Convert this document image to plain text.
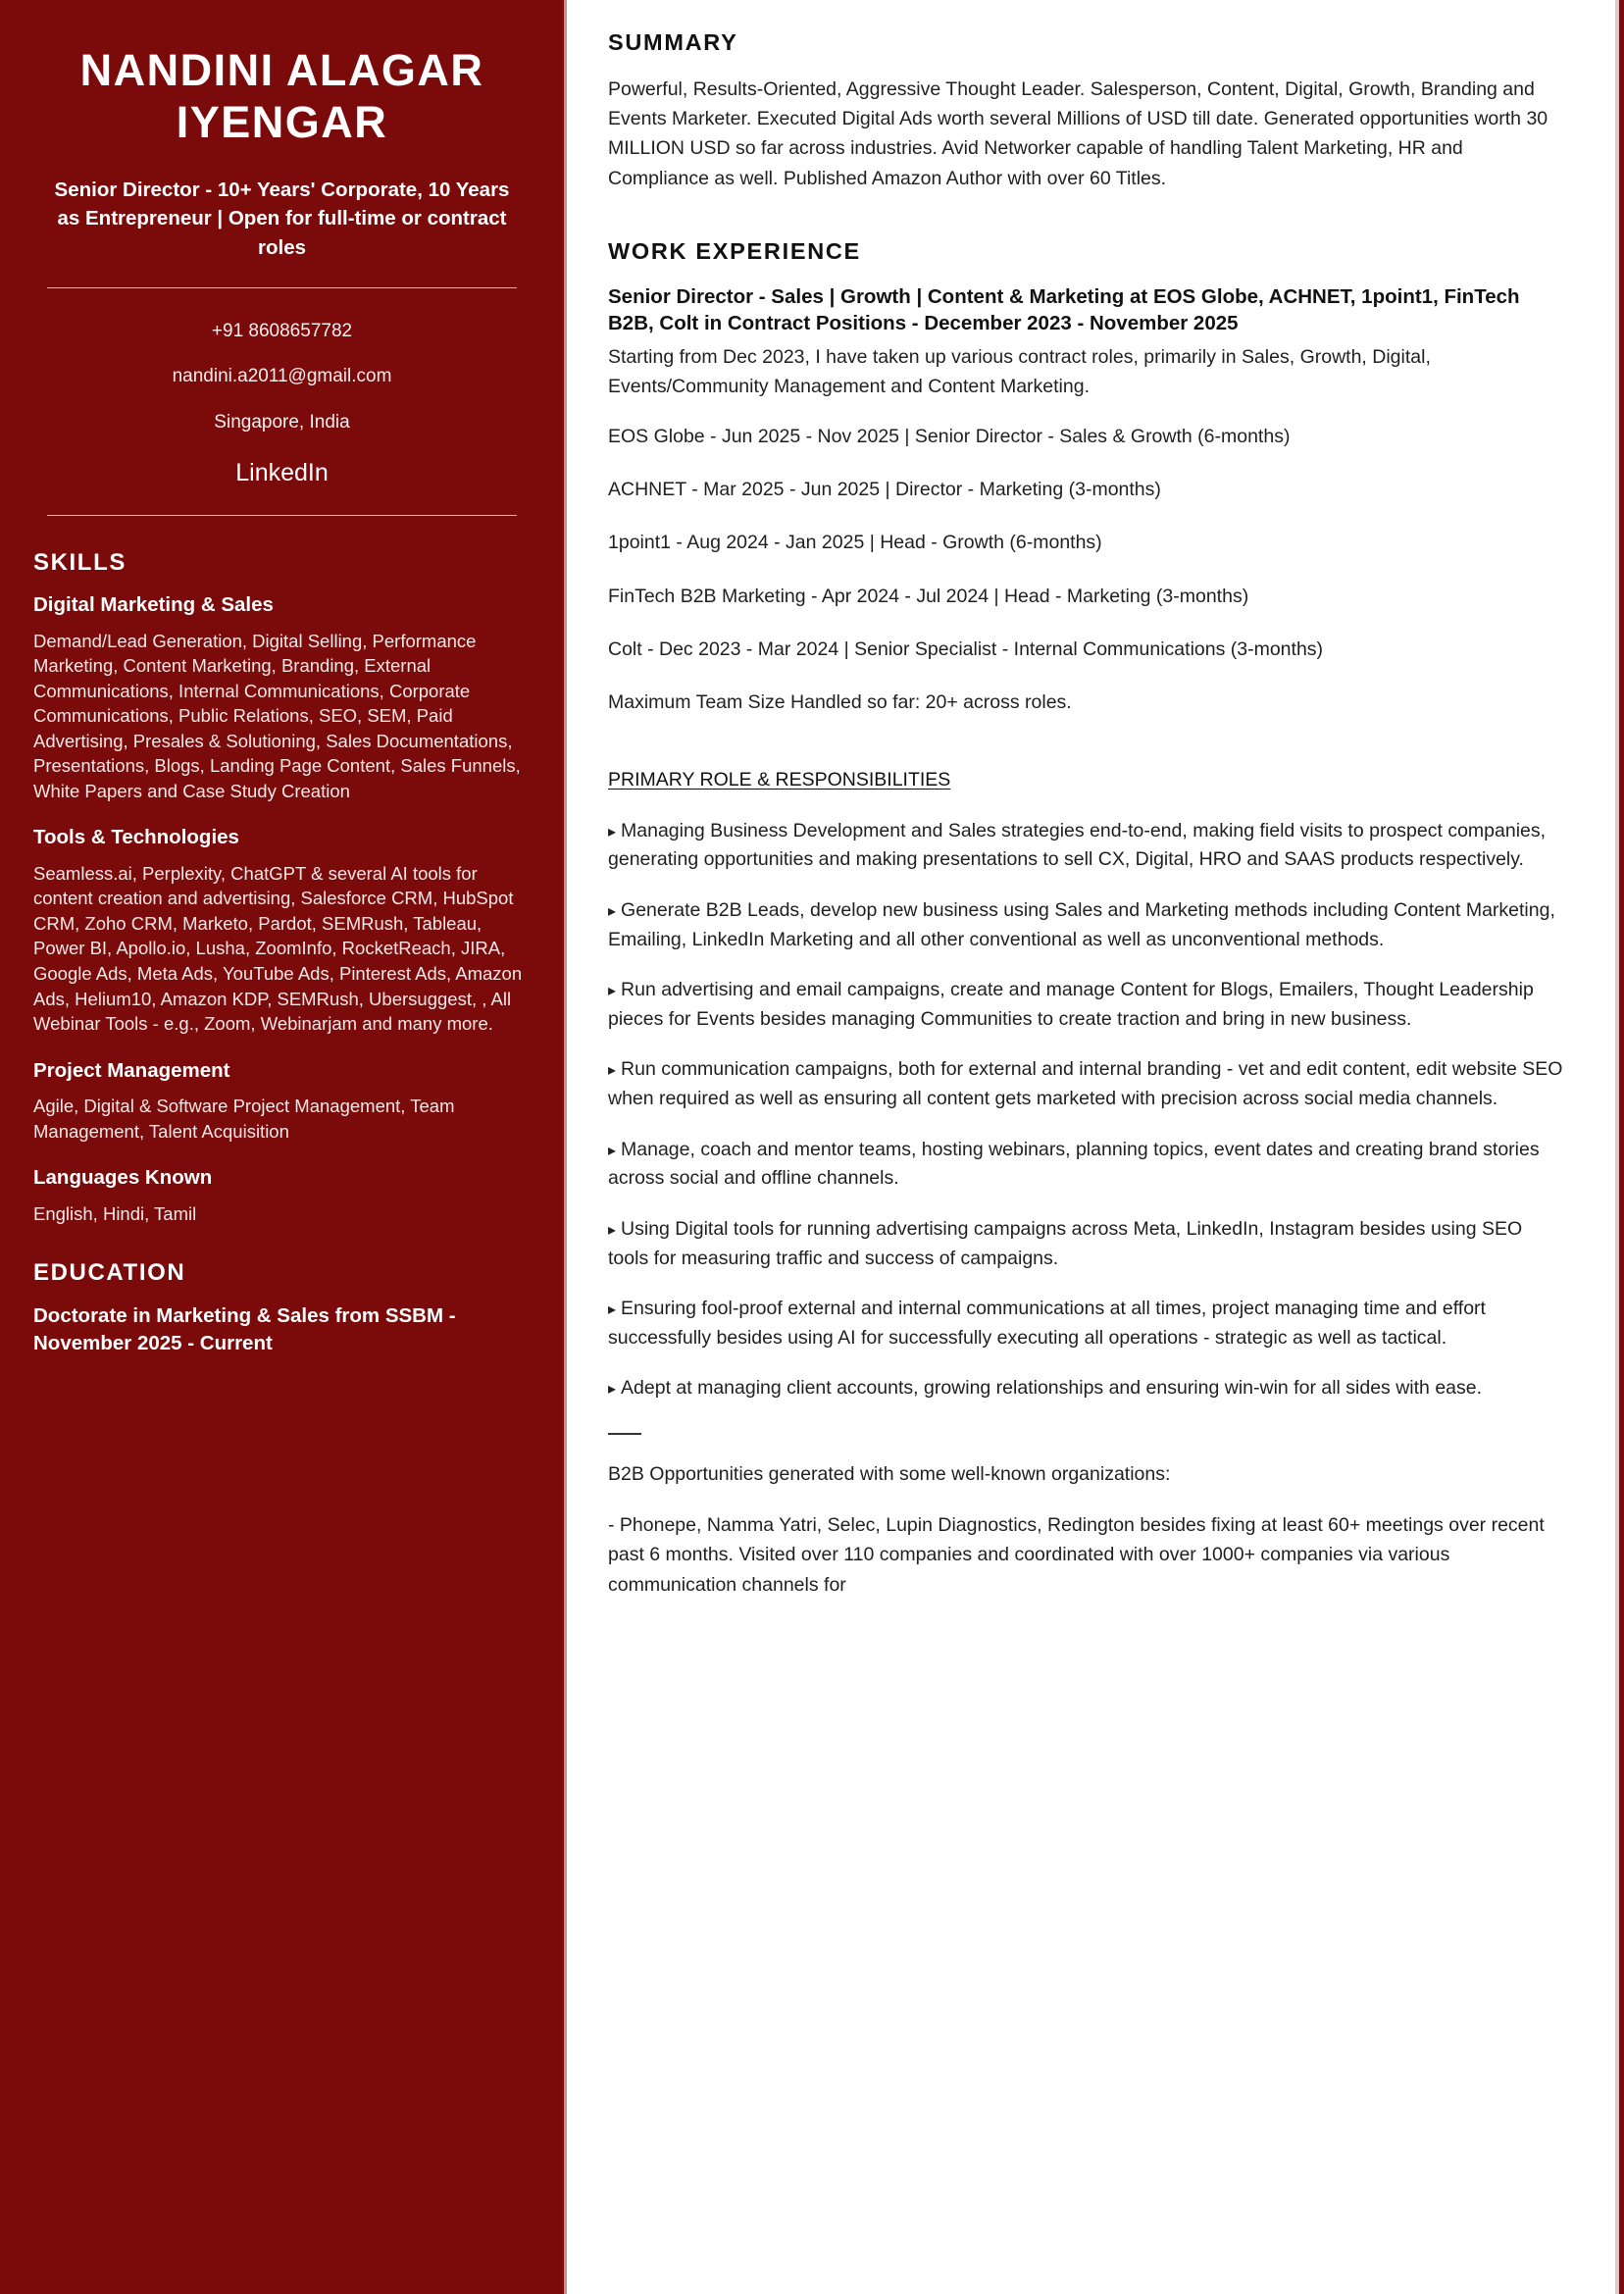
NANDINI ALAGAR IYENGAR
Senior Director - 10+ Years' Corporate, 10 Years as Entrepreneur | Open for full-time or contract roles
+91 8608657782
nandini.a2011@gmail.com
Singapore, India
LinkedIn
SKILLS
Digital Marketing & Sales

Demand/Lead Generation, Digital Selling, Performance Marketing, Content Marketing, Branding, External Communications, Internal Communications, Corporate Communications, Public Relations, SEO, SEM, Paid Advertising, Presales & Solutioning, Sales Documentations, Presentations, Blogs, Landing Page Content, Sales Funnels, White Papers and Case Study Creation

Tools & Technologies

Seamless.ai, Perplexity, ChatGPT & several AI tools for content creation and advertising, Salesforce CRM, HubSpot CRM, Zoho CRM, Marketo, Pardot, SEMRush, Tableau, Power BI, Apollo.io, Lusha, ZoomInfo, RocketReach, JIRA, Google Ads, Meta Ads, YouTube Ads, Pinterest Ads, Amazon Ads, Helium10, Amazon KDP, SEMRush, Ubersuggest, , All Webinar Tools - e.g., Zoom, Webinarjam and many more.

Project Management

Agile, Digital & Software Project Management, Team Management, Talent Acquisition

Languages Known

English, Hindi, Tamil

EDUCATION
Doctorate in Marketing & Sales from SSBM - November 2025 - Current
SUMMARY

Powerful, Results-Oriented, Aggressive Thought Leader. Salesperson, Content, Digital, Growth, Branding and Events Marketer. Executed Digital Ads worth several Millions of USD till date. Generated opportunities worth 30 MILLION USD so far across industries. Avid Networker capable of handling Talent Marketing, HR and Compliance as well. Published Amazon Author with over 60 Titles.

WORK EXPERIENCE
Senior Director - Sales | Growth | Content & Marketing at EOS Globe, ACHNET, 1point1, FinTech B2B, Colt in Contract Positions - December 2023 - November 2025

Starting from Dec 2023, I have taken up various contract roles, primarily in Sales, Growth, Digital, Events/Community Management and Content Marketing.

EOS Globe - Jun 2025 - Nov 2025 | Senior Director - Sales & Growth (6-months)

ACHNET - Mar 2025 - Jun 2025 | Director - Marketing (3-months)

1point1 - Aug 2024 - Jan 2025 | Head - Growth (6-months)

FinTech B2B Marketing - Apr 2024 - Jul 2024 | Head - Marketing (3-months)

Colt - Dec 2023 - Mar 2024 | Senior Specialist - Internal Communications (3-months)

Maximum Team Size Handled so far: 20+ across roles.

PRIMARY ROLE & RESPONSIBILITIES

▸ Managing Business Development and Sales strategies end-to-end, making field visits to prospect companies, generating opportunities and making presentations to sell CX, Digital, HRO and SAAS products respectively.

▸ Generate B2B Leads, develop new business using Sales and Marketing methods including Content Marketing, Emailing, LinkedIn Marketing and all other conventional as well as unconventional methods.

▸ Run advertising and email campaigns, create and manage Content for Blogs, Emailers, Thought Leadership pieces for Events besides managing Communities to create traction and bring in new business.

▸ Run communication campaigns, both for external and internal branding - vet and edit content, edit website SEO when required as well as ensuring all content gets marketed with precision across social media channels.

▸ Manage, coach and mentor teams, hosting webinars, planning topics, event dates and creating brand stories across social and offline channels.

▸ Using Digital tools for running advertising campaigns across Meta, LinkedIn, Instagram besides using SEO tools for measuring traffic and success of campaigns.

▸ Ensuring fool-proof external and internal communications at all times, project managing time and effort successfully besides using AI for successfully executing all operations - strategic as well as tactical.

▸ Adept at managing client accounts, growing relationships and ensuring win-win for all sides with ease.

B2B Opportunities generated with some well-known organizations:

- Phonepe, Namma Yatri, Selec, Lupin Diagnostics, Redington besides fixing at least 60+ meetings over recent past 6 months. Visited over 110 companies and coordinated with over 1000+ companies via various communication channels for
